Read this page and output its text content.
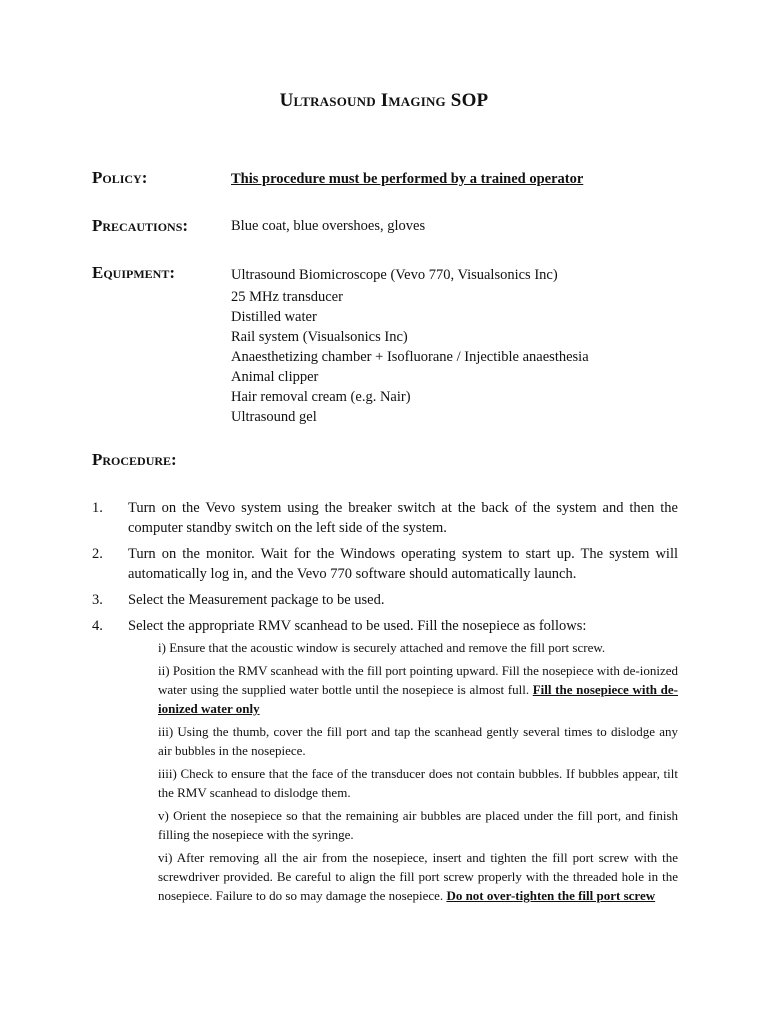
Ultrasound Imaging SOP
Policy:	This procedure must be performed by a trained operator
Precautions:	Blue coat, blue overshoes, gloves
Equipment:	Ultrasound Biomicroscope (Vevo 770, Visualsonics Inc)
25 MHz transducer
Distilled water
Rail system (Visualsonics Inc)
Anaesthetizing chamber + Isofluorane / Injectible anaesthesia
Animal clipper
Hair removal cream (e.g. Nair)
Ultrasound gel
Procedure:
1. Turn on the Vevo system using the breaker switch at the back of the system and then the computer standby switch on the left side of the system.
2. Turn on the monitor. Wait for the Windows operating system to start up. The system will automatically log in, and the Vevo 770 software should automatically launch.
3. Select the Measurement package to be used.
4. Select the appropriate RMV scanhead to be used. Fill the nosepiece as follows:
i) Ensure that the acoustic window is securely attached and remove the fill port screw.
ii) Position the RMV scanhead with the fill port pointing upward. Fill the nosepiece with de-ionized water using the supplied water bottle until the nosepiece is almost full. Fill the nosepiece with de-ionized water only
iii) Using the thumb, cover the fill port and tap the scanhead gently several times to dislodge any air bubbles in the nosepiece.
iiii) Check to ensure that the face of the transducer does not contain bubbles. If bubbles appear, tilt the RMV scanhead to dislodge them.
v) Orient the nosepiece so that the remaining air bubbles are placed under the fill port, and finish filling the nosepiece with the syringe.
vi) After removing all the air from the nosepiece, insert and tighten the fill port screw with the screwdriver provided. Be careful to align the fill port screw properly with the threaded hole in the nosepiece. Failure to do so may damage the nosepiece. Do not over-tighten the fill port screw
